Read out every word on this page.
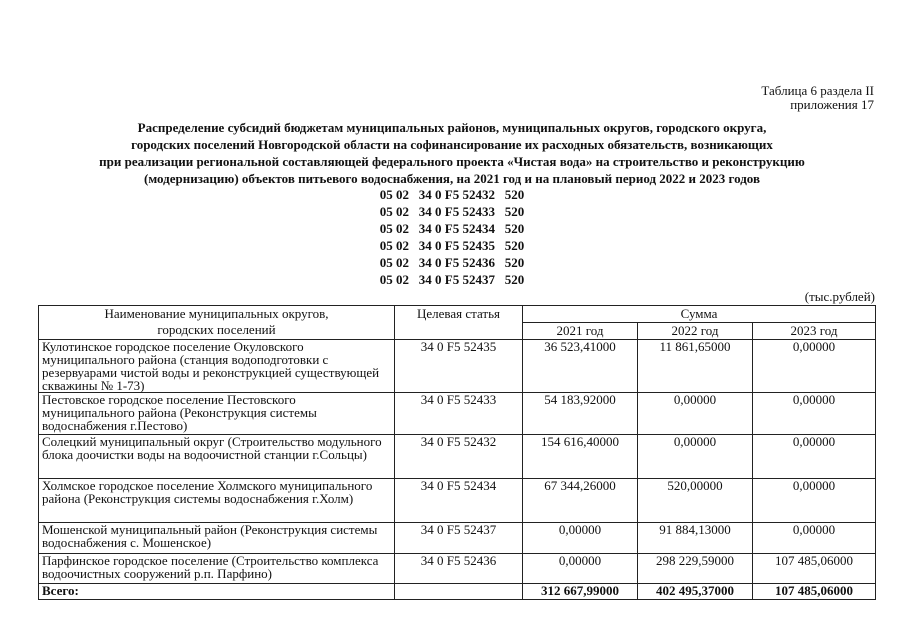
Таблица 6 раздела II
приложения 17
Распределение субсидий бюджетам муниципальных районов, муниципальных округов, городского округа,
городских поселений Новгородской области на софинансирование их расходных обязательств, возникающих
при реализации региональной составляющей федерального проекта «Чистая вода» на строительство и реконструкцию
(модернизацию) объектов питьевого водоснабжения, на 2021 год и на плановый период 2022 и 2023 годов
05 02   34 0 F5 52432   520
05 02   34 0 F5 52433   520
05 02   34 0 F5 52434   520
05 02   34 0 F5 52435   520
05 02   34 0 F5 52436   520
05 02   34 0 F5 52437   520
(тыс.рублей)
Наименование муниципальных округов,
городских поселений	Целевая статья	Сумма		
		2021 год	2022 год	2023 год
Кулотинское городское поселение Окуловского муниципального района (станция водоподготовки с резервуарами чистой воды и реконструкцией существующей скважины № 1-73)	34 0 F5 52435	36 523,41000	11 861,65000	0,00000
Пестовское городское поселение Пестовского муниципального района (Реконструкция системы водоснабжения г.Пестово)	34 0 F5 52433	54 183,92000	0,00000	0,00000
Солецкий муниципальный округ (Строительство модульного блока доочистки воды на водоочистной станции г.Сольцы)	34 0 F5 52432	154 616,40000	0,00000	0,00000
Холмское городское поселение Холмского муниципального района (Реконструкция системы водоснабжения г.Холм)	34 0 F5 52434	67 344,26000	520,00000	0,00000
Мошенской муниципальный район (Реконструкция системы водоснабжения с. Мошенское)	34 0 F5 52437	0,00000	91 884,13000	0,00000
Парфинское городское поселение (Строительство комплекса водоочистных сооружений р.п. Парфино)	34 0 F5 52436	0,00000	298 229,59000	107 485,06000
Всего:		312 667,99000	402 495,37000	107 485,06000
